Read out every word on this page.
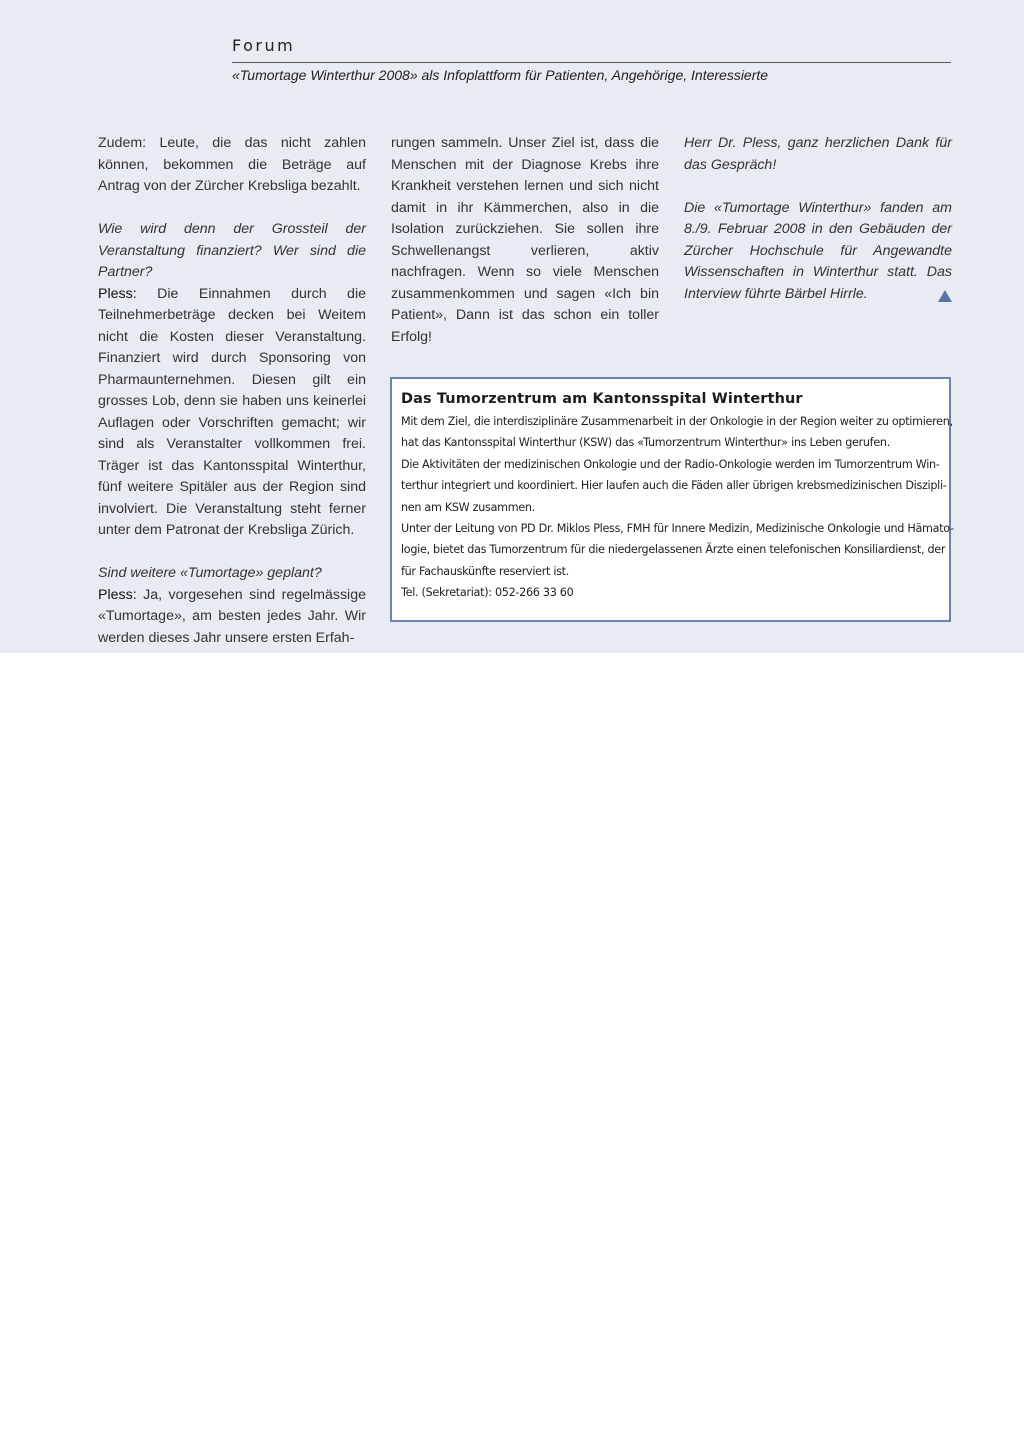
Forum
«Tumortage Winterthur 2008» als Infoplattform für Patienten, Angehörige, Interessierte

Zudem: Leute, die das nicht zahlen können, bekommen die Beträge auf Antrag von der Zürcher Krebsliga bezahlt.

Wie wird denn der Grossteil der Veranstaltung finanziert? Wer sind die Partner?
Pless: Die Einnahmen durch die Teilnehmerbeträge decken bei Weitem nicht die Kosten dieser Veranstaltung. Finanziert wird durch Sponsoring von Pharmaunternehmen. Diesen gilt ein grosses Lob, denn sie haben uns keinerlei Auflagen oder Vorschriften gemacht; wir sind als Veranstalter vollkommen frei. Träger ist das Kantonsspital Winterthur, fünf weitere Spitäler aus der Region sind involviert. Die Veranstaltung steht ferner unter dem Patronat der Krebsliga Zürich.

Sind weitere «Tumortage» geplant?
Pless: Ja, vorgesehen sind regelmässige «Tumortage», am besten jedes Jahr. Wir werden dieses Jahr unsere ersten Erfah-

rungen sammeln. Unser Ziel ist, dass die Menschen mit der Diagnose Krebs ihre Krankheit verstehen lernen und sich nicht damit in ihr Kämmerchen, also in die Isolation zurückziehen. Sie sollen ihre Schwellenangst verlieren, aktiv nachfragen. Wenn so viele Menschen zusammenkommen und sagen «Ich bin Patient», Dann ist das schon ein toller Erfolg!

Herr Dr. Pless, ganz herzlichen Dank für das Gespräch!

Die «Tumortage Winterthur» fanden am 8./9. Februar 2008 in den Gebäuden der Zürcher Hochschule für Angewandte Wissenschaften in Winterthur statt. Das Interview führte Bärbel Hirrle.

Das Tumorzentrum am Kantonsspital Winterthur
Mit dem Ziel, die interdisziplinäre Zusammenarbeit in der Onkologie in der Region weiter zu optimieren,
hat das Kantonsspital Winterthur (KSW) das «Tumorzentrum Winterthur» ins Leben gerufen.
Die Aktivitäten der medizinischen Onkologie und der Radio-Onkologie werden im Tumorzentrum Win-
terthur integriert und koordiniert. Hier laufen auch die Fäden aller übrigen krebsmedizinischen Diszipli-
nen am KSW zusammen.
Unter der Leitung von PD Dr. Miklos Pless, FMH für Innere Medizin, Medizinische Onkologie und Hämato-
logie, bietet das Tumorzentrum für die niedergelassenen Ärzte einen telefonischen Konsiliardienst, der
für Fachauskünfte reserviert ist.
Tel. (Sekretariat): 052-266 33 60
